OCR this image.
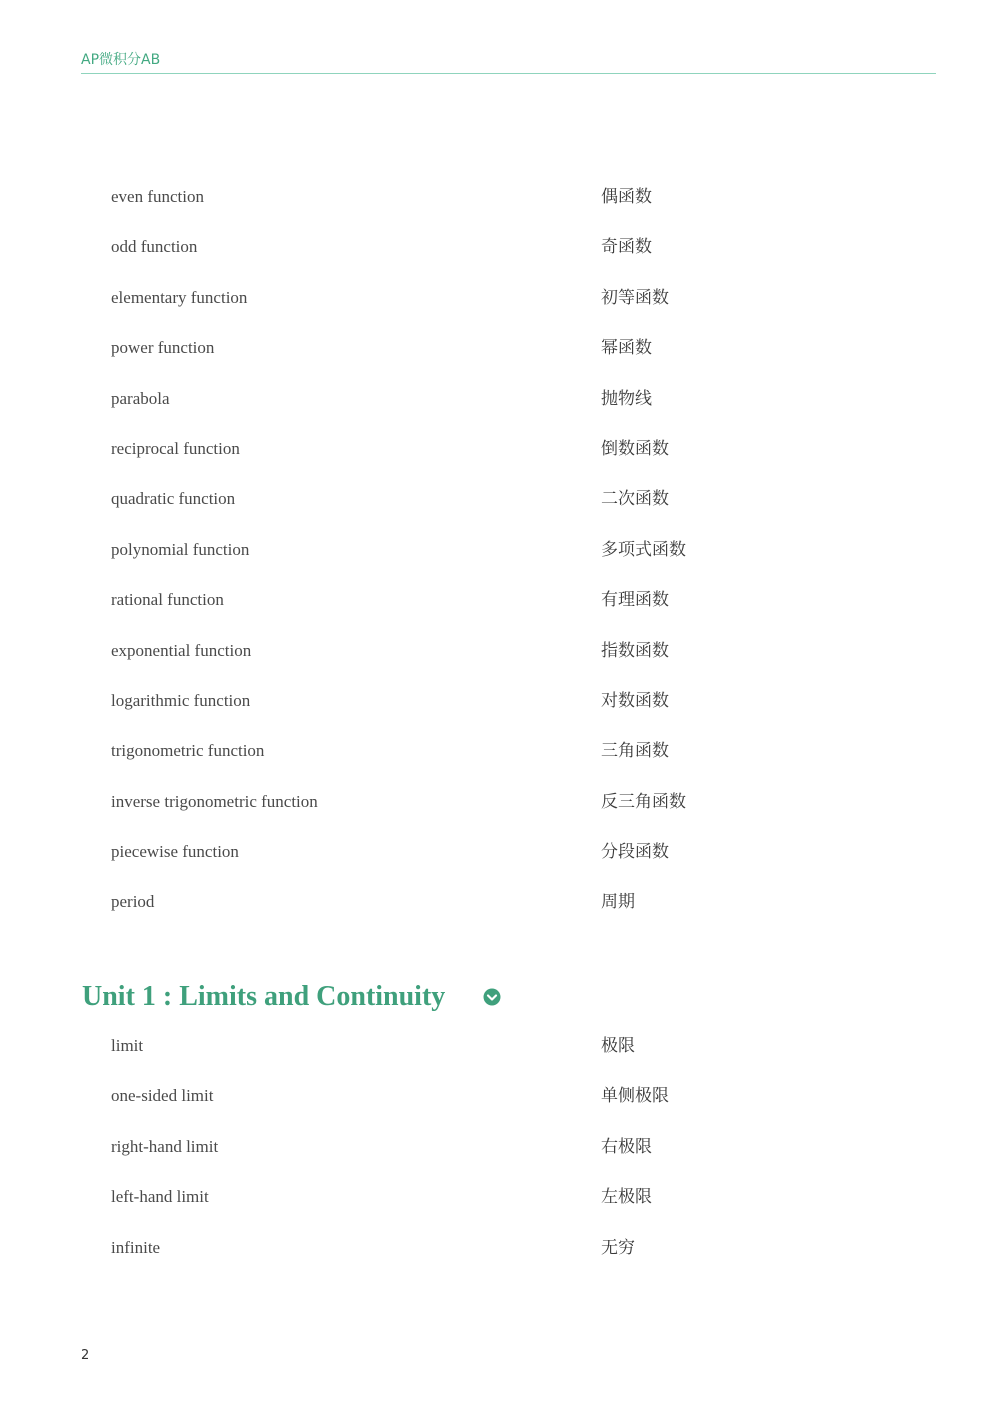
AP微积分AB
even function	偶函数
odd function	奇函数
elementary function	初等函数
power function	幂函数
parabola	抛物线
reciprocal function	倒数函数
quadratic function	二次函数
polynomial function	多项式函数
rational function	有理函数
exponential function	指数函数
logarithmic function	对数函数
trigonometric function	三角函数
inverse trigonometric function	反三角函数
piecewise function	分段函数
period	周期
Unit 1 : Limits and Continuity
limit	极限
one-sided limit	单侧极限
right-hand limit	右极限
left-hand limit	左极限
infinite	无穷
2
